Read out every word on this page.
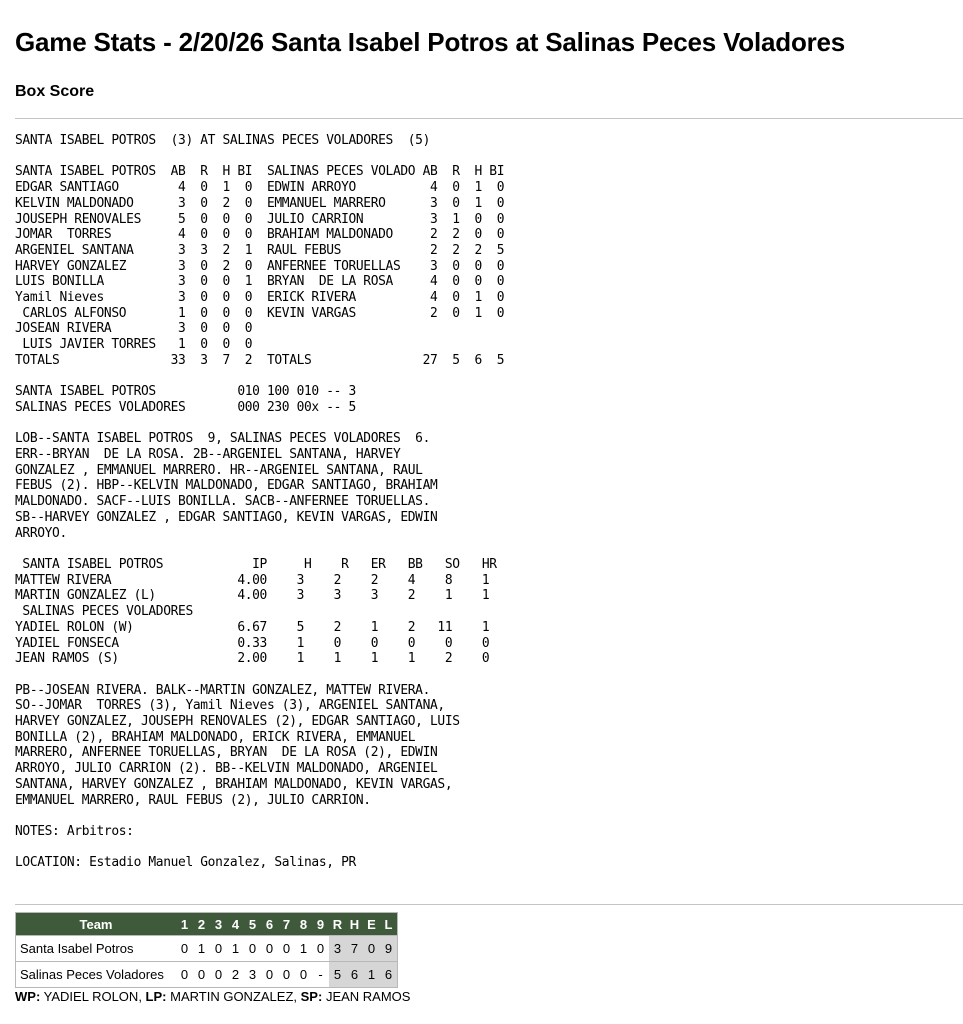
Game Stats - 2/20/26 Santa Isabel Potros at Salinas Peces Voladores
Box Score
SANTA ISABEL POTROS  (3) AT SALINAS PECES VOLADORES  (5)

SANTA ISABEL POTROS  AB  R  H BI  SALINAS PECES VOLADO AB  R  H BI
EDGAR SANTIAGO        4  0  1  0  EDWIN ARROYO          4  0  1  0
KELVIN MALDONADO      3  0  2  0  EMMANUEL MARRERO      3  0  1  0
JOUSEPH RENOVALES     5  0  0  0  JULIO CARRION         3  1  0  0
JOMAR  TORRES         4  0  0  0  BRAHIAM MALDONADO     2  2  0  0
ARGENIEL SANTANA      3  3  2  1  RAUL FEBUS            2  2  2  5
HARVEY GONZALEZ       3  0  2  0  ANFERNEE TORUELLAS    3  0  0  0
LUIS BONILLA          3  0  0  1  BRYAN  DE LA ROSA     4  0  0  0
Yamil Nieves          3  0  0  0  ERICK RIVERA          4  0  1  0
CARLOS ALFONSO       1  0  0  0  KEVIN VARGAS          2  0  1  0
JOSEAN RIVERA         3  0  0  0
LUIS JAVIER TORRES   1  0  0  0
TOTALS               33  3  7  2  TOTALS               27  5  6  5

SANTA ISABEL POTROS           010 100 010 -- 3
SALINAS PECES VOLADORES       000 230 00x -- 5

LOB--SANTA ISABEL POTROS  9, SALINAS PECES VOLADORES  6.
ERR--BRYAN  DE LA ROSA. 2B--ARGENIEL SANTANA, HARVEY
GONZALEZ , EMMANUEL MARRERO. HR--ARGENIEL SANTANA, RAUL
FEBUS (2). HBP--KELVIN MALDONADO, EDGAR SANTIAGO, BRAHIAM
MALDONADO. SACF--LUIS BONILLA. SACB--ANFERNEE TORUELLAS.
SB--HARVEY GONZALEZ , EDGAR SANTIAGO, KEVIN VARGAS, EDWIN
ARROYO.

SANTA ISABEL POTROS            IP     H    R   ER   BB   SO   HR
MATTEW RIVERA                 4.00    3    2    2    4    8    1
MARTIN GONZALEZ (L)           4.00    3    3    3    2    1    1
SALINAS PECES VOLADORES
YADIEL ROLON (W)              6.67    5    2    1    2   11    1
YADIEL FONSECA                0.33    1    0    0    0    0    0
JEAN RAMOS (S)                2.00    1    1    1    1    2    0

PB--JOSEAN RIVERA. BALK--MARTIN GONZALEZ, MATTEW RIVERA.
SO--JOMAR  TORRES (3), Yamil Nieves (3), ARGENIEL SANTANA,
HARVEY GONZALEZ, JOUSEPH RENOVALES (2), EDGAR SANTIAGO, LUIS
BONILLA (2), BRAHIAM MALDONADO, ERICK RIVERA, EMMANUEL
MARRERO, ANFERNEE TORUELLAS, BRYAN  DE LA ROSA (2), EDWIN
ARROYO, JULIO CARRION (2). BB--KELVIN MALDONADO, ARGENIEL
SANTANA, HARVEY GONZALEZ , BRAHIAM MALDONADO, KEVIN VARGAS,
EMMANUEL MARRERO, RAUL FEBUS (2), JULIO CARRION.

NOTES: Arbitros:

LOCATION: Estadio Manuel Gonzalez, Salinas, PR
Team	1	2	3	4	5	6	7	8	9	R	H	E	L
Santa Isabel Potros	0	1	0	1	0	0	0	1	0	3	7	0	9
Salinas Peces Voladores	0	0	0	2	3	0	0	0	-	5	6	1	6
WP: YADIEL ROLON, LP: MARTIN GONZALEZ, SP: JEAN RAMOS
